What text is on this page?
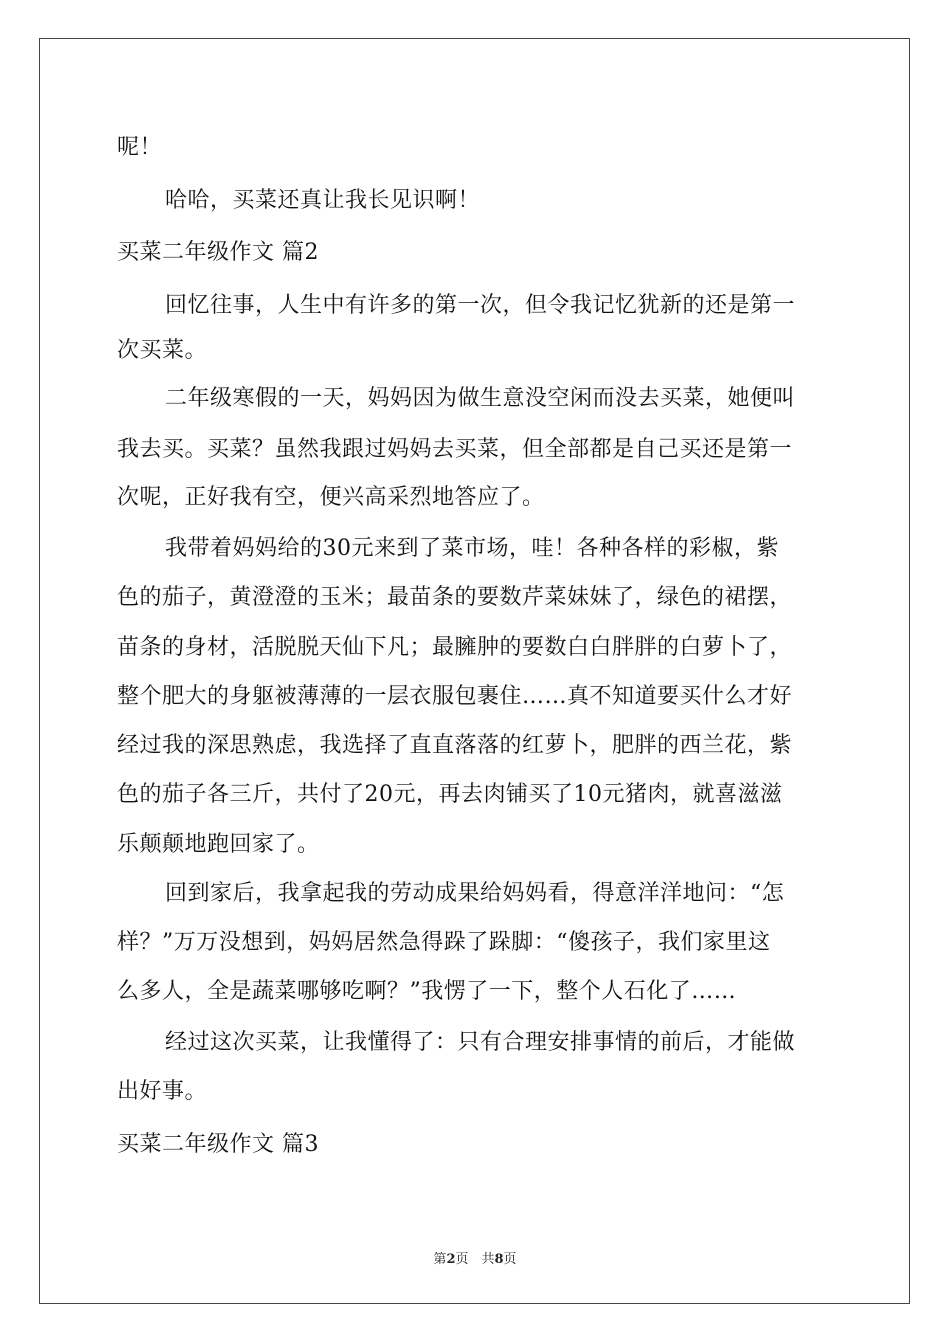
呢！
哈哈，买菜还真让我长见识啊！
买菜二年级作文 篇2
回忆往事，人生中有许多的第一次，但令我记忆犹新的还是第一
次买菜。
二年级寒假的一天，妈妈因为做生意没空闲而没去买菜，她便叫
我去买。买菜？虽然我跟过妈妈去买菜，但全部都是自己买还是第一
次呢，正好我有空，便兴高采烈地答应了。
我带着妈妈给的30元来到了菜市场，哇！各种各样的彩椒，紫
色的茄子，黄澄澄的玉米；最苗条的要数芹菜妹妹了，绿色的裙摆，
苗条的身材，活脱脱天仙下凡；最臃肿的要数白白胖胖的白萝卜了，
整个肥大的身躯被薄薄的一层衣服包裹住……真不知道要买什么才好
经过我的深思熟虑，我选择了直直落落的红萝卜，肥胖的西兰花，紫
色的茄子各三斤，共付了20元，再去肉铺买了10元猪肉，就喜滋滋
乐颠颠地跑回家了。
回到家后，我拿起我的劳动成果给妈妈看，得意洋洋地问：“怎
样？”万万没想到，妈妈居然急得跺了跺脚：“傻孩子，我们家里这
么多人，全是蔬菜哪够吃啊？”我愣了一下，整个人石化了……
经过这次买菜，让我懂得了：只有合理安排事情的前后，才能做
出好事。
买菜二年级作文 篇3
第2页　共8页
